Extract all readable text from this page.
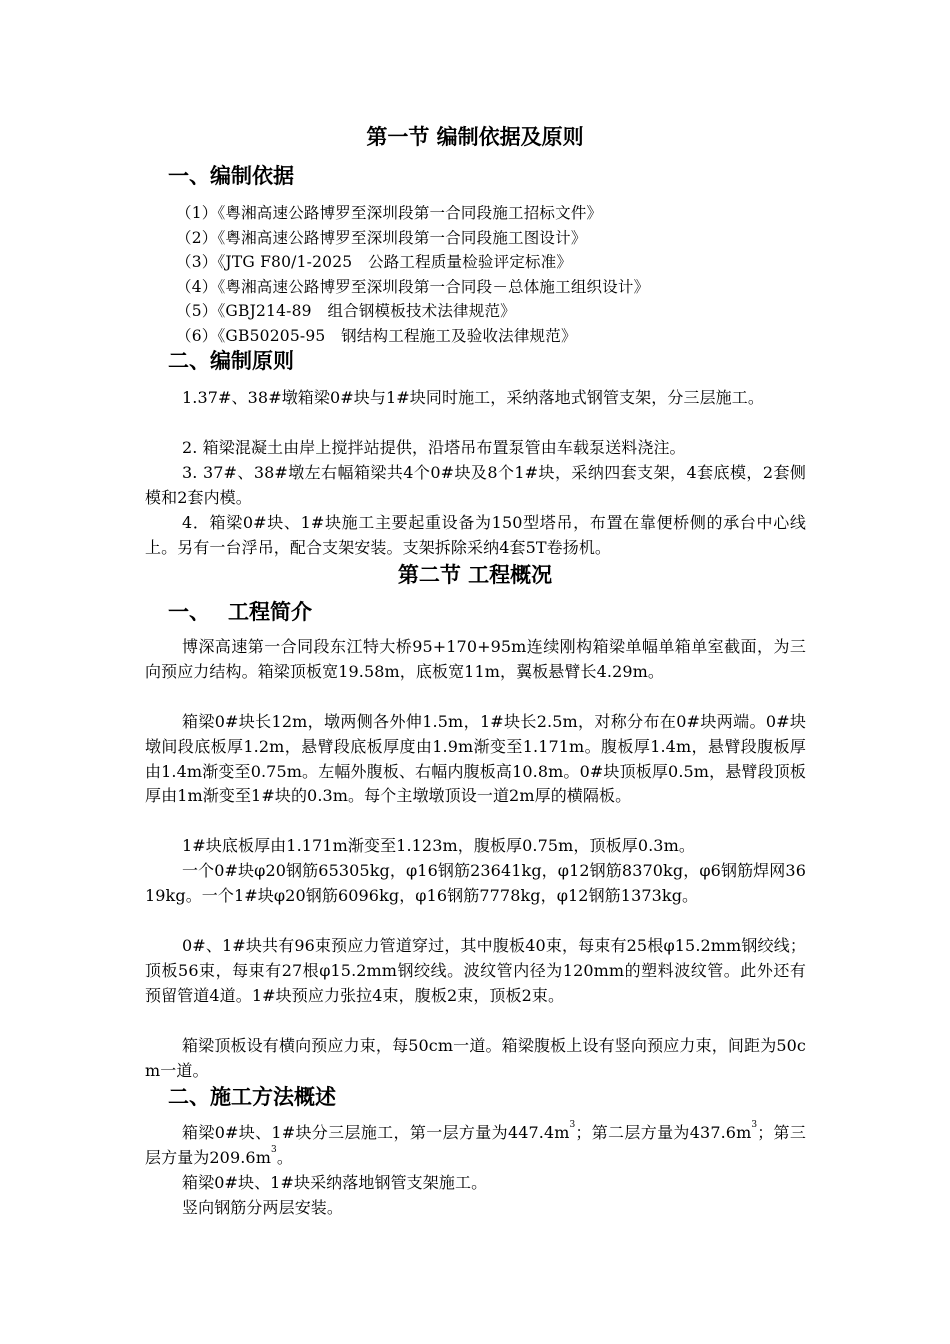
第一节 编制依据及原则
一、编制依据
（1）《粤湘高速公路博罗至深圳段第一合同段施工招标文件》
（2）《粤湘高速公路博罗至深圳段第一合同段施工图设计》
（3）《JTG F80/1-2025　公路工程质量检验评定标准》
（4）《粤湘高速公路博罗至深圳段第一合同段－总体施工组织设计》
（5）《GBJ214-89　组合钢模板技术法律规范》
（6）《GB50205-95　钢结构工程施工及验收法律规范》
二、编制原则

1.37#、38#墩箱梁0#块与1#块同时施工，采纳落地式钢管支架，分三层施工。

2. 箱梁混凝土由岸上搅拌站提供，沿塔吊布置泵管由车载泵送料浇注。

3. 37#、38#墩左右幅箱梁共4个0#块及8个1#块，采纳四套支架，4套底模，2套侧模和2套内模。

4．箱梁0#块、1#块施工主要起重设备为150型塔吊，布置在靠便桥侧的承台中心线上。另有一台浮吊，配合支架安装。支架拆除采纳4套5T卷扬机。

第二节 工程概况
一、 工程简介

博深高速第一合同段东江特大桥95+170+95m连续刚构箱梁单幅单箱单室截面，为三向预应力结构。箱梁顶板宽19.58m，底板宽11m，翼板悬臂长4.29m。

箱梁0#块长12m，墩两侧各外伸1.5m，1#块长2.5m，对称分布在0#块两端。0#块墩间段底板厚1.2m，悬臂段底板厚度由1.9m渐变至1.171m。腹板厚1.4m，悬臂段腹板厚由1.4m渐变至0.75m。左幅外腹板、右幅内腹板高10.8m。0#块顶板厚0.5m，悬臂段顶板厚由1m渐变至1#块的0.3m。每个主墩墩顶设一道2m厚的横隔板。

1#块底板厚由1.171m渐变至1.123m，腹板厚0.75m，顶板厚0.3m。

一个0#块φ20钢筋65305kg，φ16钢筋23641kg，φ12钢筋8370kg，φ6钢筋焊网3619kg。一个1#块φ20钢筋6096kg，φ16钢筋7778kg，φ12钢筋1373kg。

0#、1#块共有96束预应力管道穿过，其中腹板40束，每束有25根φ15.2mm钢绞线；顶板56束，每束有27根φ15.2mm钢绞线。波纹管内径为120mm的塑料波纹管。此外还有预留管道4道。1#块预应力张拉4束，腹板2束，顶板2束。

箱梁顶板设有横向预应力束，每50cm一道。箱梁腹板上设有竖向预应力束，间距为50cm一道。

二、施工方法概述

箱梁0#块、1#块分三层施工，第一层方量为$447.4m^3$；第二层方量为$437.6m^3$；第三层方量为$209.6m^3$。

箱梁0#块、1#块采纳落地钢管支架施工。

竖向钢筋分两层安装。
